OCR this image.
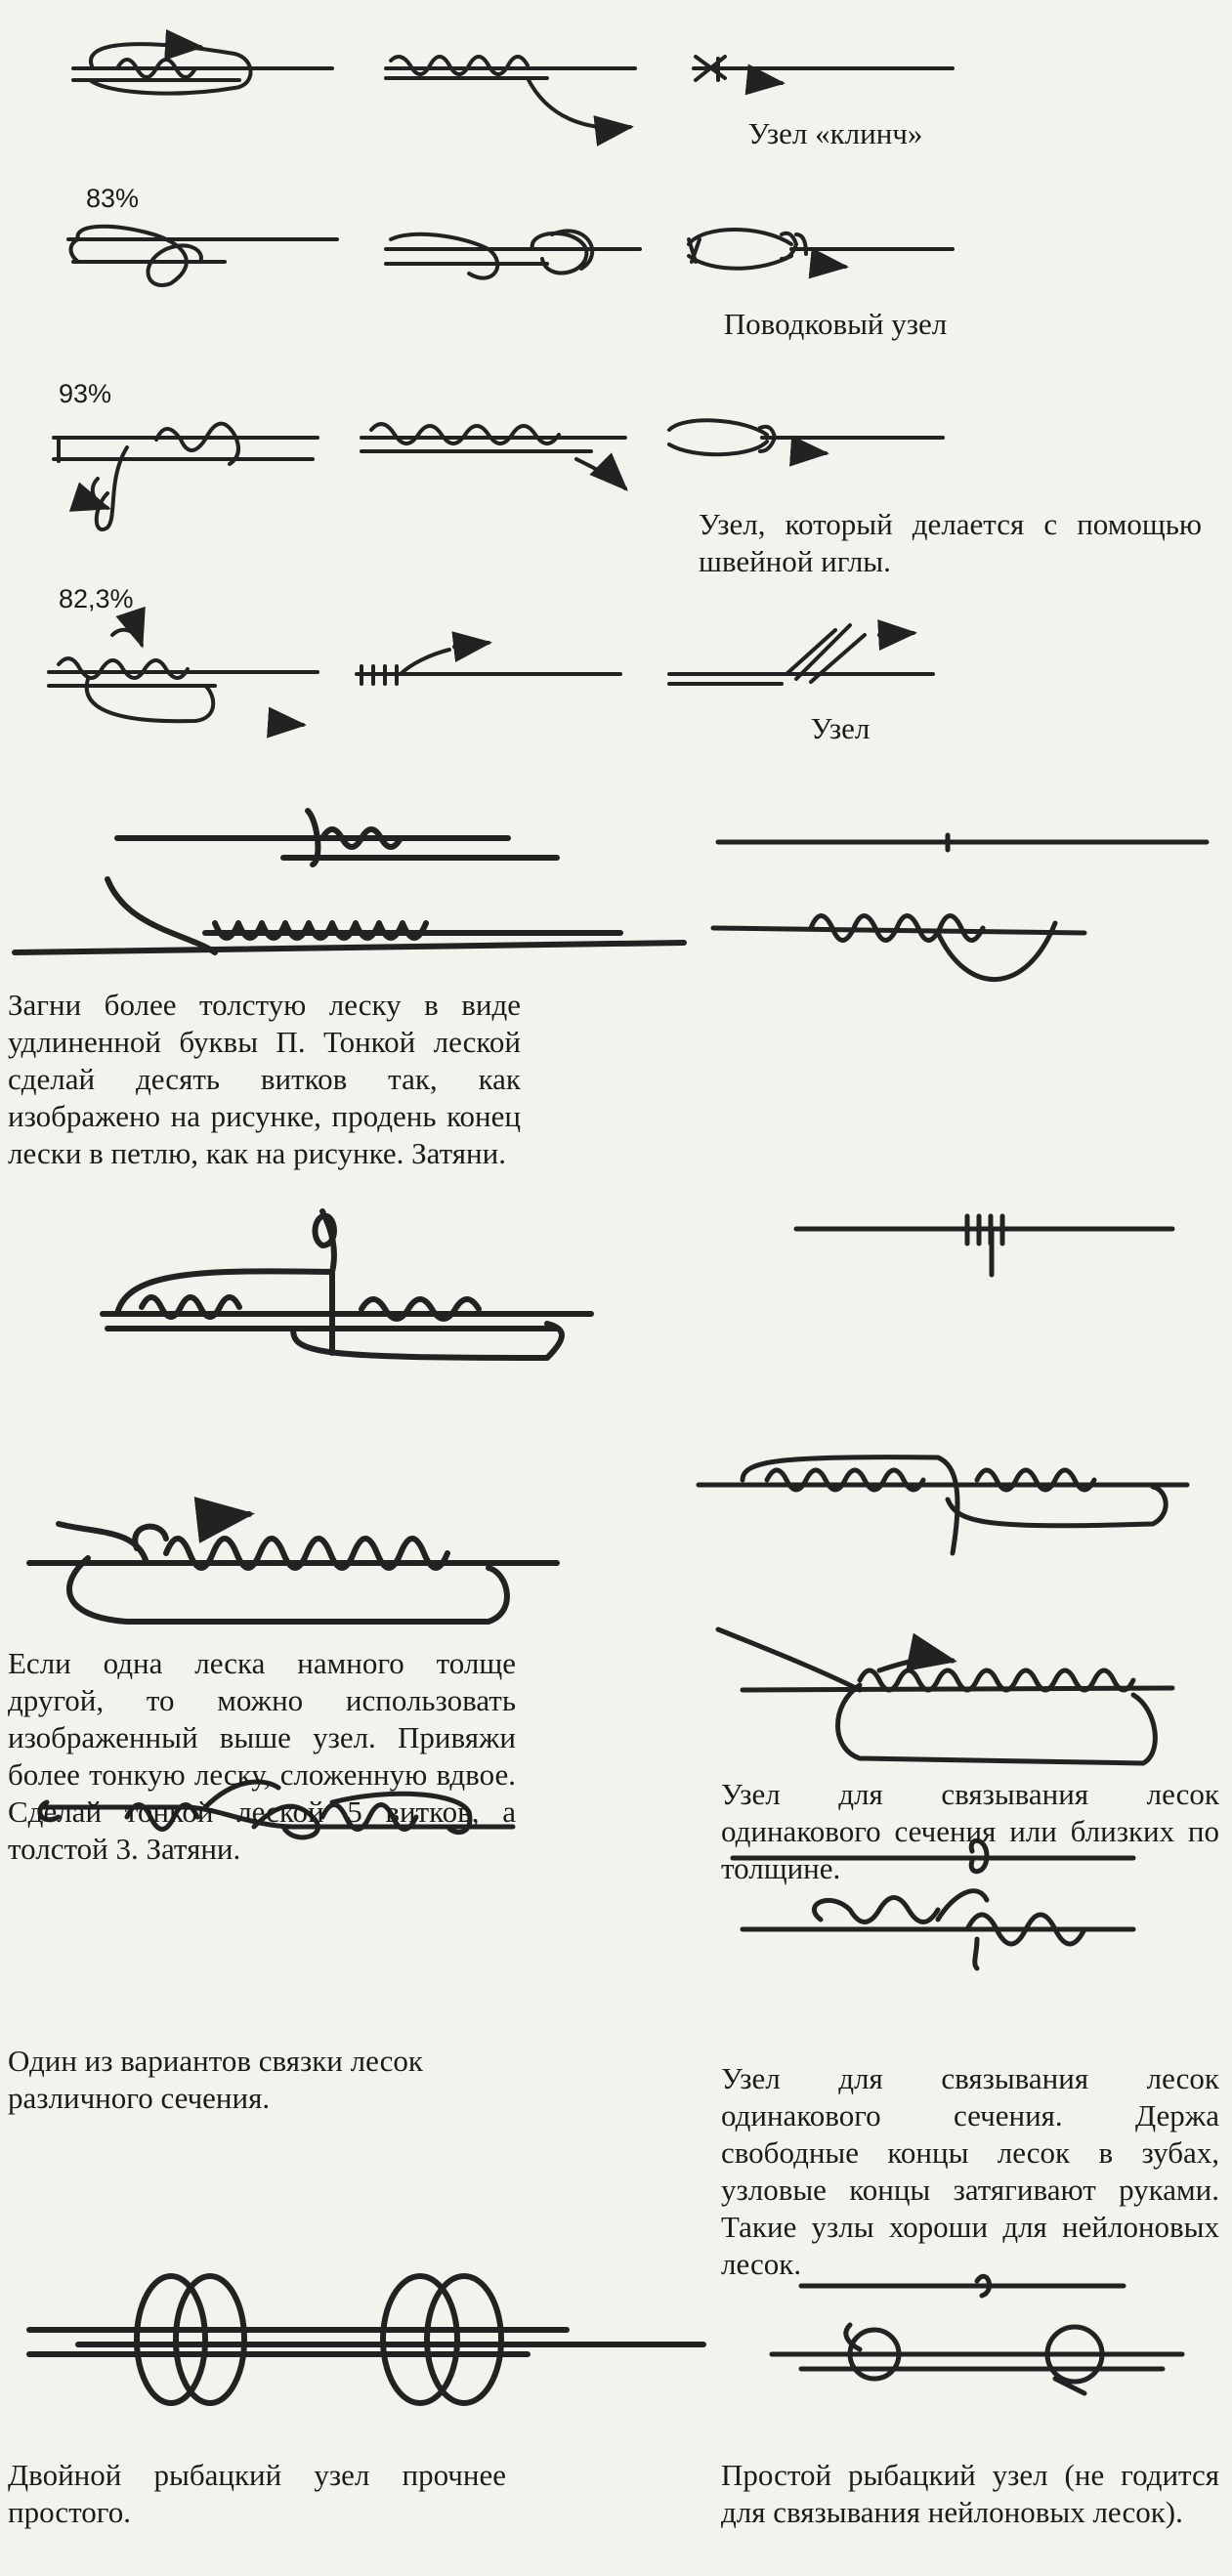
83%

93%

82,3%

Узел «клинч»

Поводковый узел

Узел, который делается с помощью швейной иглы.

Узел

Загни более толстую леску в виде удлиненной буквы П. Тонкой леской сделай десять витков так, как изображено на рисунке, продень конец лески в петлю, как на рисунке. Затяни.

Если одна леска намного толще другой, то можно использовать изображенный выше узел. Привяжи более тонкую леску, сложенную вдвое. Сделай тонкой леской 5 витков, а толстой 3. Затяни.

Один из вариантов связки лесок различного сечения.

Узел для связывания лесок одинакового сечения или близких по толщине.

Узел для связывания лесок одинакового сечения. Держа свободные концы лесок в зубах, узловые концы затягивают руками. Такие узлы хороши для нейлоновых лесок.

Двойной рыбацкий узел прочнее простого.

Простой рыбацкий узел (не годится для связывания нейлоновых лесок).
